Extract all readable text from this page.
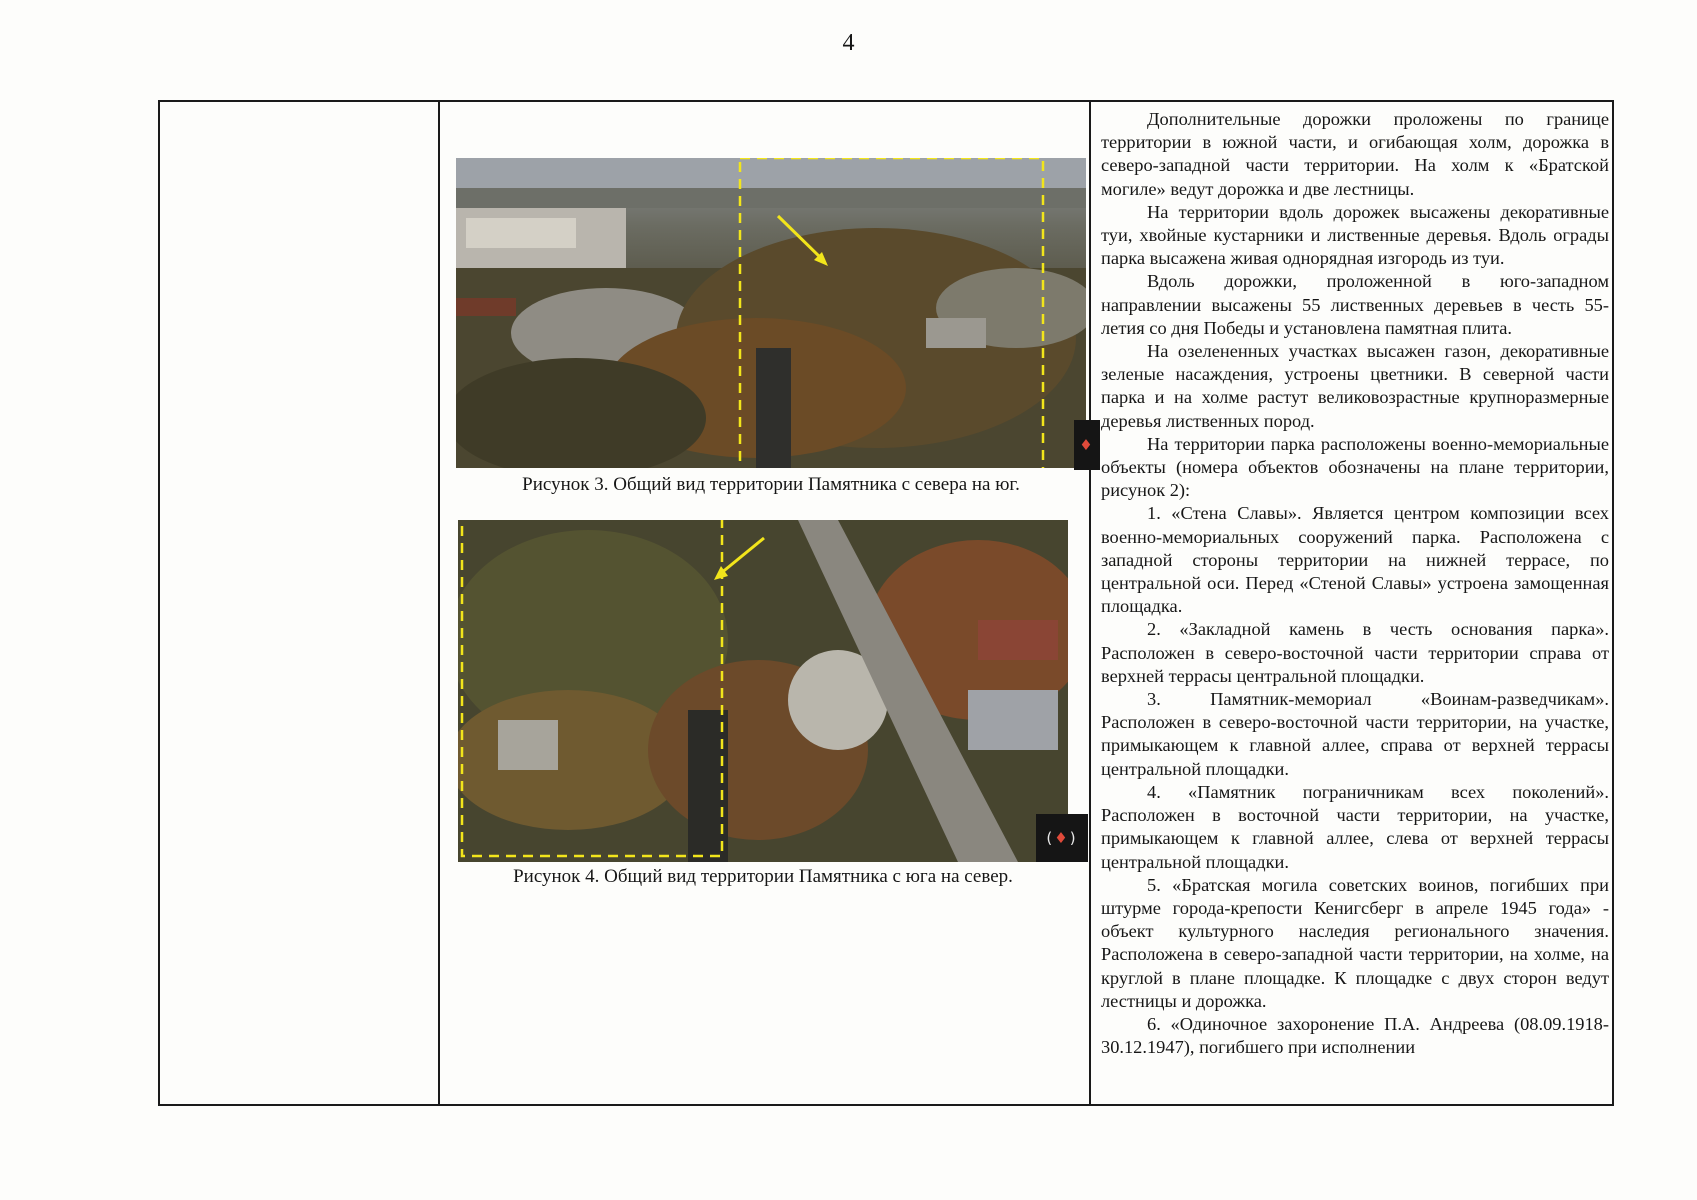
4
♦
Рисунок 3. Общий вид территории Памятника с севера на юг.
( ♦ )
Рисунок 4. Общий вид территории Памятника с юга на север.

Дополнительные дорожки проложены по границе территории в южной части, и огибающая холм, дорожка в северо-западной части территории. На холм к «Братской могиле» ведут дорожка и две лестницы.

На территории вдоль дорожек высажены декоративные туи, хвойные кустарники и лиственные деревья. Вдоль ограды парка высажена живая однорядная изгородь из туи.

Вдоль дорожки, проложенной в юго-западном направлении высажены 55 лиственных деревьев в честь 55-летия со дня Победы и установлена памятная плита.

На озелененных участках высажен газон, декоративные зеленые насаждения, устроены цветники. В северной части парка и на холме растут великовозрастные крупноразмерные деревья лиственных пород.

На территории парка расположены военно-мемориальные объекты (номера объектов обозначены на плане территории, рисунок 2):

1. «Стена Славы». Является центром композиции всех военно-мемориальных сооружений парка. Расположена с западной стороны территории на нижней террасе, по центральной оси. Перед «Стеной Славы» устроена замощенная площадка.

2. «Закладной камень в честь основания парка». Расположен в северо-восточной части территории справа от верхней террасы центральной площадки.

3. Памятник-мемориал «Воинам-разведчикам». Расположен в северо-восточной части территории, на участке, примыкающем к главной аллее, справа от верхней террасы центральной площадки.

4. «Памятник пограничникам всех поколений». Расположен в восточной части территории, на участке, примыкающем к главной аллее, слева от верхней террасы центральной площадки.

5. «Братская могила советских воинов, погибших при штурме города-крепости Кенигсберг в апреле 1945 года» - объект культурного наследия регионального значения. Расположена в северо-западной части территории, на холме, на круглой в плане площадке. К площадке с двух сторон ведут лестницы и дорожка.

6. «Одиночное захоронение П.А. Андреева (08.09.1918-30.12.1947), погибшего при исполнении
